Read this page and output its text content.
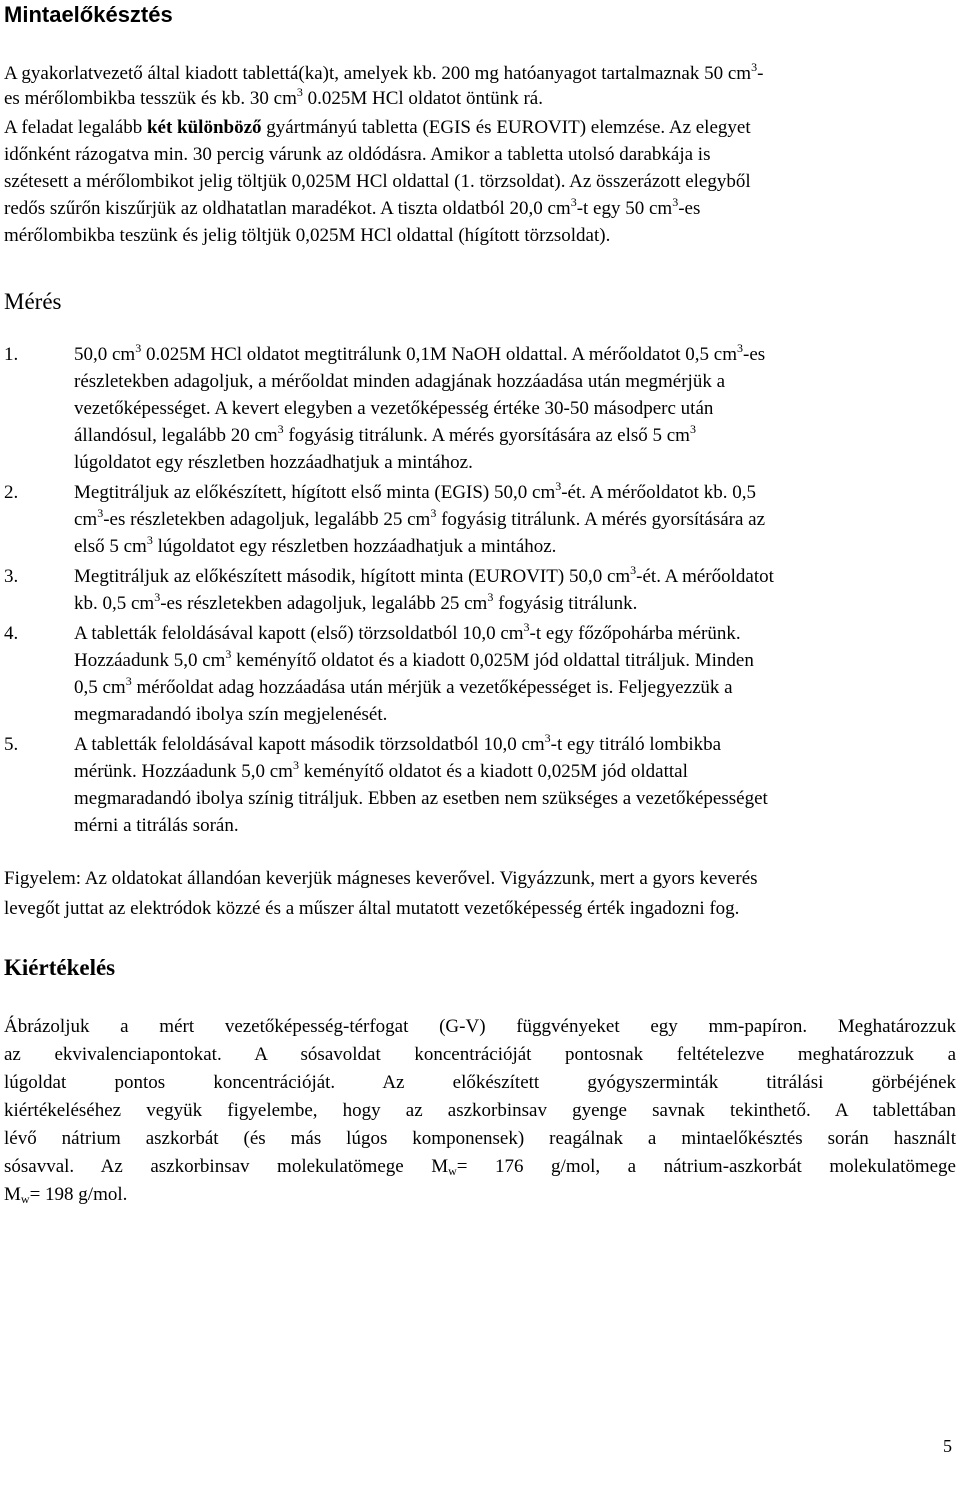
Mintaelőkésztés
A gyakorlatvezető által kiadott tablettá(ka)t, amelyek kb. 200 mg hatóanyagot tartalmaznak 50 $cm^3-$
es mérőlombikba tesszük és kb. 30 $cm^3$ 0.025M HCl oldatot öntünk rá.
A feladat legalább két különböző gyártmányú tabletta (EGIS és EUROVIT) elemzése. Az elegyet
időnként rázogatva min. 30 percig várunk az oldódásra. Amikor a tabletta utolsó darabkája is
szétesett a mérőlombikot jelig töltjük 0,025M HCl oldattal (1. törzsoldat). Az összerázott elegyből
redős szűrőn kiszűrjük az oldhatatlan maradékot. A tiszta oldatból 20,0 $cm^3-t$ egy 50 $cm^3-es$
mérőlombikba teszünk és jelig töltjük 0,025M HCl oldattal (hígított törzsoldat).
Mérés
1.	50,0 $cm^3$ 0.025M HCl oldatot megtitrálunk 0,1M NaOH oldattal. A mérőoldatot 0,5 $cm^3-es$
részletekben adagoljuk, a mérőoldat minden adagjának hozzáadása után megmérjük a
vezetőképességet. A kevert elegyben a vezetőképesség értéke 30-50 másodperc után
állandósul, legalább 20 $cm^3$ fogyásig titrálunk. A mérés gyorsítására az első 5 $cm^3$
lúgoldatot egy részletben hozzáadhatjuk a mintához.
2.	Megtitráljuk az előkészített, hígított első minta (EGIS) 50,0 $cm^3-ét$. A mérőoldatot kb. 0,5
$cm^3-es$ részletekben adagoljuk, legalább 25 $cm^3$ fogyásig titrálunk. A mérés gyorsítására az
első 5 $cm^3$ lúgoldatot egy részletben hozzáadhatjuk a mintához.
3.	Megtitráljuk az előkészített második, hígított minta (EUROVIT) 50,0 $cm^3-ét$. A mérőoldatot
kb. 0,5 $cm^3-es$ részletekben adagoljuk, legalább 25 $cm^3$ fogyásig titrálunk.
4.	A tabletták feloldásával kapott (első) törzsoldatból 10,0 $cm^3-t$ egy főzőpohárba mérünk.
Hozzáadunk 5,0 $cm^3$ keményítő oldatot és a kiadott 0,025M jód oldattal titráljuk. Minden
0,5 $cm^3$ mérőoldat adag hozzáadása után mérjük a vezetőképességet is. Feljegyezzük a
megmaradandó ibolya szín megjelenését.
5.	A tabletták feloldásával kapott második törzsoldatból 10,0 $cm^3-t$ egy titráló lombikba
mérünk. Hozzáadunk 5,0 $cm^3$ keményítő oldatot és a kiadott 0,025M jód oldattal
megmaradandó ibolya színig titráljuk. Ebben az esetben nem szükséges a vezetőképességet
mérni a titrálás során.
Figyelem: Az oldatokat állandóan keverjük mágneses keverővel. Vigyázzunk, mert a gyors keverés
levegőt juttat az elektródok közzé és a műszer által mutatott vezetőképesség érték ingadozni fog.
Kiértékelés
Ábrázoljuk a mért vezetőképesség-térfogat (G-V) függvényeket egy mm-papíron. Meghatározzuk
az ekvivalenciapontokat. A sósavoldat koncentrációját pontosnak feltételezve meghatározzuk a
lúgoldat pontos koncentrációját. Az előkészített gyógyszerminták titrálási görbéjének
kiértékeléséhez vegyük figyelembe, hogy az aszkorbinsav gyenge savnak tekinthető. A tablettában
lévő nátrium aszkorbát (és más lúgos komponensek) reagálnak a mintaelőkésztés során használt
sósavval. Az aszkorbinsav molekulatömege $M_w= 176$ g/mol, a nátrium-aszkorbát molekulatömege
$M_w= 198$ g/mol.
5
